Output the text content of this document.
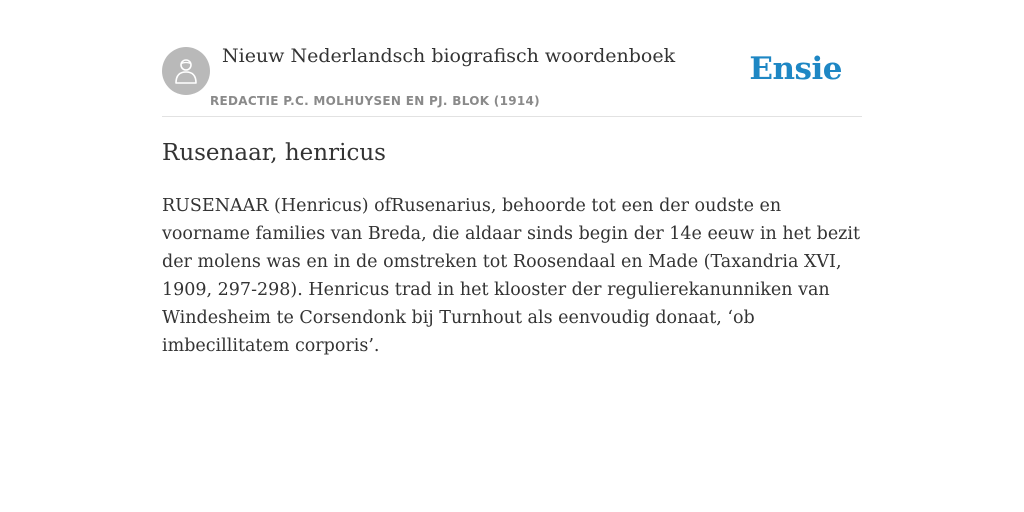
Nieuw Nederlandsch biografisch woordenboek
REDACTIE P.C. MOLHUYSEN EN PJ. BLOK (1914)
Ensie
Rusenaar, henricus

RUSENAAR (Henricus) ofRusenarius, behoorde tot een der oudste en voorname families van Breda, die aldaar sinds begin der 14e eeuw in het bezit der molens was en in de omstreken tot Roosendaal en Made (Taxandria XVI, 1909, 297-298). Henricus trad in het klooster der regulierekanunniken van Windesheim te Corsendonk bij Turnhout als eenvoudig donaat, ‘ob imbecillitatem corporis’.
